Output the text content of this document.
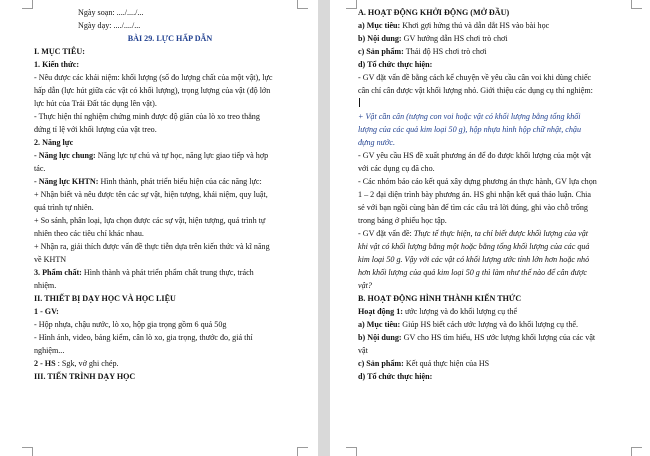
Ngày soạn: ..../..../...
Ngày dạy: ..../..../...
BÀI 29. LỰC HẤP DẪN
I. MỤC TIÊU:
1. Kiến thức:
- Nêu được các khái niệm: khối lượng (số đo lượng chất của một vật), lực
hấp dẫn (lực hút giữa các vật có khối lượng), trọng lượng của vật (độ lớn
lực hút của Trái Đất tác dụng lên vật).
- Thực hiện thí nghiệm chứng minh được độ giãn của lò xo treo thẳng
đứng tỉ lệ với khối lượng của vật treo.
2. Năng lực
- Năng lực chung: Năng lực tự chủ và tự học, năng lực giao tiếp và hợp
tác.
- Năng lực KHTN: Hình thành, phát triển biểu hiện của các năng lực:
+ Nhận biết và nêu được tên các sự vật, hiện tượng, khái niệm, quy luật,
quá trình tự nhiên.
+ So sánh, phân loại, lựa chọn được các sự vật, hiện tượng, quá trình tự
nhiên theo các tiêu chí khác nhau.
+ Nhận ra, giải thích được vấn đề thực tiễn dựa trên kiến thức và kĩ năng
về KHTN
3. Phẩm chất: Hình thành và phát triển phẩm chất trung thực, trách
nhiệm.
II. THIẾT BỊ DẠY HỌC VÀ HỌC LIỆU
1 - GV:
- Hộp nhựa, chậu nước, lò xo, hộp gia trọng gồm 6 quả 50g
- Hình ảnh, video, bảng kiểm, cân lò xo, gia trọng, thước đo, giá thí
nghiệm...
2 - HS : Sgk, vở ghi chép.
III. TIẾN TRÌNH DẠY HỌC
A. HOẠT ĐỘNG KHỞI ĐỘNG (MỞ ĐẦU)
a) Mục tiêu: Khơi gợi hứng thú và dẫn dắt HS vào bài học
b) Nội dung: GV hướng dẫn HS chơi trò chơi
c) Sản phẩm: Thái độ HS chơi trò chơi
d) Tổ chức thực hiện:
- GV đặt vấn đề bằng cách kể chuyện về yêu cầu cân voi khi dùng chiếc
cân chỉ cân được vật khối lượng nhỏ. Giới thiệu các dụng cụ thí nghiệm:
+ Vật cần cân (tượng con voi hoặc vật có khối lượng bằng tổng khối
lượng của các quả kim loại 50 g), hộp nhựa hình hộp chữ nhật, chậu
đựng nước.
- GV yêu cầu HS đề xuất phương án để đo được khối lượng của một vật
với các dụng cụ đã cho.
- Các nhóm báo cáo kết quả xây dựng phương án thực hành, GV lựa chọn
1 – 2 đại diện trình bày phương án. HS ghi nhận kết quả thảo luận. Chia
sẻ với bạn ngồi cùng bàn để tìm các câu trả lời đúng, ghi vào chỗ trống
trong bảng ở phiếu học tập.
- GV đặt vấn đề: Thực tế thực hiện, ta chỉ biết được khối lượng của vật
khi vật có khối lượng bằng một hoặc bằng tổng khối lượng của các quả
kim loại 50 g. Vậy với các vật có khối lượng ước tính lớn hơn hoặc nhỏ
hơn khối lượng của quả kim loại 50 g thì làm như thế nào để cân được
vật?
B. HOẠT ĐỘNG HÌNH THÀNH KIẾN THỨC
Hoạt động 1: ước lượng và đo khối lượng cụ thể
a) Mục tiêu: Giúp HS biết cách ước lượng và đo khối lượng cụ thể.
b) Nội dung: GV cho HS tìm hiểu, HS ước lượng khối lượng của các vật
vật
c) Sản phẩm: Kết quả thực hiện của HS
d) Tổ chức thực hiện:
